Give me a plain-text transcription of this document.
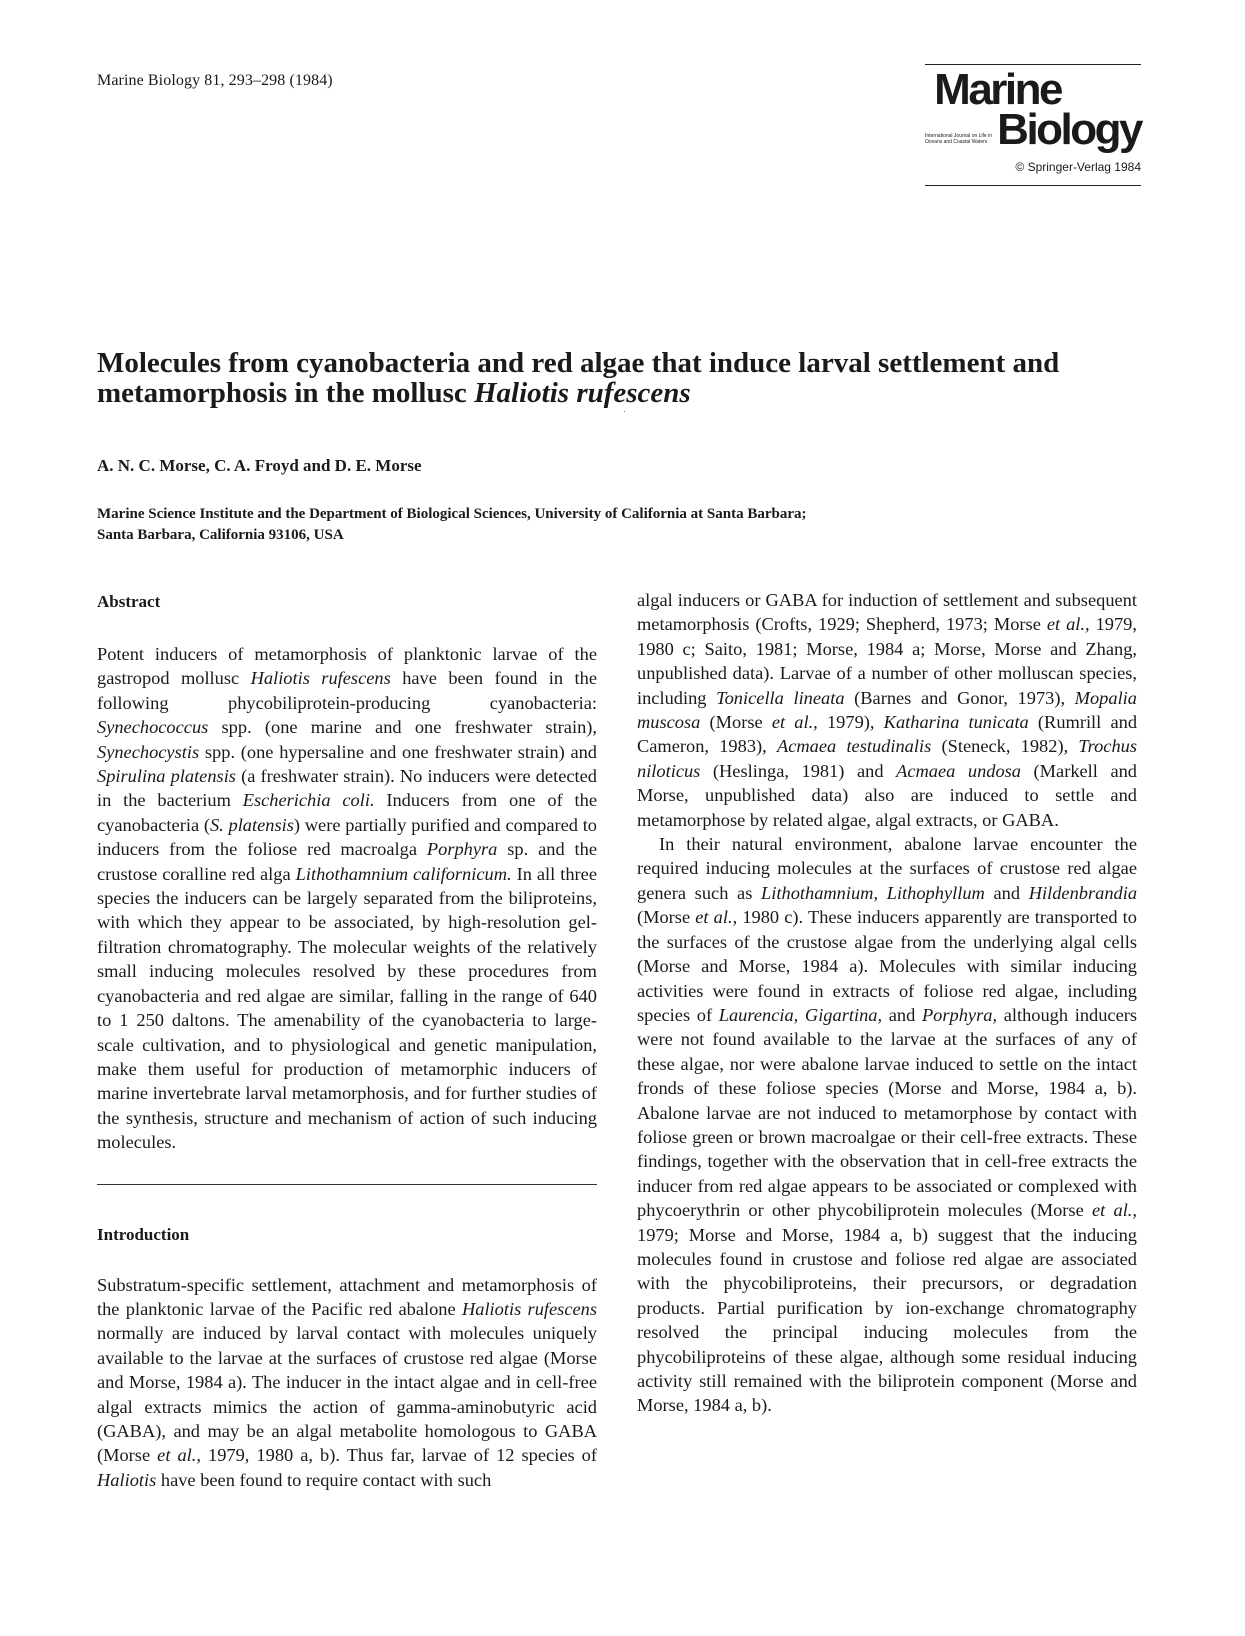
Marine Biology 81, 293–298 (1984)	Marine
International Journal on Life in Oceans and Coastal Waters Biology
© Springer-Verlag 1984
Molecules from cyanobacteria and red algae that induce larval settlement and metamorphosis in the mollusc Haliotis rufescens
A. N. C. Morse, C. A. Froyd and D. E. Morse
Marine Science Institute and the Department of Biological Sciences, University of California at Santa Barbara;
Santa Barbara, California 93106, USA
Abstract

Potent inducers of metamorphosis of planktonic larvae of the gastropod mollusc Haliotis rufescens have been found in the following phycobiliprotein-producing cyanobacteria: Synechococcus spp. (one marine and one freshwater strain), Synechocystis spp. (one hypersaline and one freshwater strain) and Spirulina platensis (a freshwater strain). No inducers were detected in the bacterium Escherichia coli. Inducers from one of the cyanobacteria (S. platensis) were partially purified and compared to inducers from the foliose red macroalga Porphyra sp. and the crustose coralline red alga Lithothamnium californicum. In all three species the inducers can be largely separated from the biliproteins, with which they appear to be associated, by high-resolution gel-filtration chromatography. The molecular weights of the relatively small inducing molecules resolved by these procedures from cyanobacteria and red algae are similar, falling in the range of 640 to 1 250 daltons. The amenability of the cyanobacteria to large-scale cultivation, and to physiological and genetic manipulation, make them useful for production of metamorphic inducers of marine invertebrate larval metamorphosis, and for further studies of the synthesis, structure and mechanism of action of such inducing molecules.

Introduction

Substratum-specific settlement, attachment and metamorphosis of the planktonic larvae of the Pacific red abalone Haliotis rufescens normally are induced by larval contact with molecules uniquely available to the larvae at the surfaces of crustose red algae (Morse and Morse, 1984 a). The inducer in the intact algae and in cell-free algal extracts mimics the action of gamma-aminobutyric acid (GABA), and may be an algal metabolite homologous to GABA (Morse et al., 1979, 1980 a, b). Thus far, larvae of 12 species of Haliotis have been found to require contact with such

algal inducers or GABA for induction of settlement and subsequent metamorphosis (Crofts, 1929; Shepherd, 1973; Morse et al., 1979, 1980 c; Saito, 1981; Morse, 1984 a; Morse, Morse and Zhang, unpublished data). Larvae of a number of other molluscan species, including Tonicella lineata (Barnes and Gonor, 1973), Mopalia muscosa (Morse et al., 1979), Katharina tunicata (Rumrill and Cameron, 1983), Acmaea testudinalis (Steneck, 1982), Trochus niloticus (Heslinga, 1981) and Acmaea undosa (Markell and Morse, unpublished data) also are induced to settle and metamorphose by related algae, algal extracts, or GABA.

In their natural environment, abalone larvae encounter the required inducing molecules at the surfaces of crustose red algae genera such as Lithothamnium, Lithophyllum and Hildenbrandia (Morse et al., 1980 c). These inducers apparently are transported to the surfaces of the crustose algae from the underlying algal cells (Morse and Morse, 1984 a). Molecules with similar inducing activities were found in extracts of foliose red algae, including species of Laurencia, Gigartina, and Porphyra, although inducers were not found available to the larvae at the surfaces of any of these algae, nor were abalone larvae induced to settle on the intact fronds of these foliose species (Morse and Morse, 1984 a, b). Abalone larvae are not induced to metamorphose by contact with foliose green or brown macroalgae or their cell-free extracts. These findings, together with the observation that in cell-free extracts the inducer from red algae appears to be associated or complexed with phycoerythrin or other phycobiliprotein molecules (Morse et al., 1979; Morse and Morse, 1984 a, b) suggest that the inducing molecules found in crustose and foliose red algae are associated with the phycobiliproteins, their precursors, or degradation products. Partial purification by ion-exchange chromatography resolved the principal inducing molecules from the phycobiliproteins of these algae, although some residual inducing activity still remained with the biliprotein component (Morse and Morse, 1984 a, b).
